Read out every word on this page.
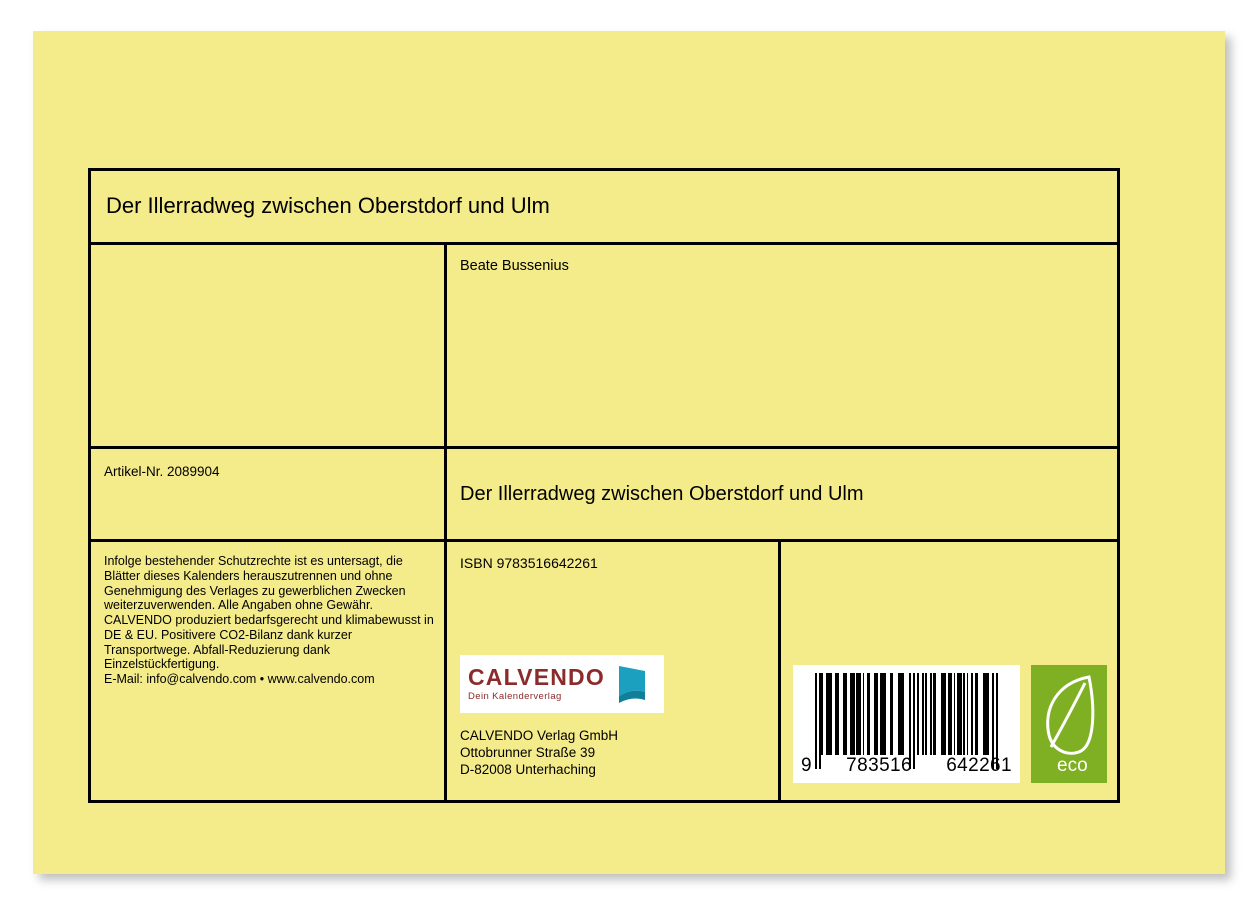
Der Illerradweg zwischen Oberstdorf und Ulm
Beate Bussenius
Artikel-Nr. 2089904
Der Illerradweg zwischen Oberstdorf und Ulm

Infolge bestehender Schutzrechte ist es untersagt, die Blätter dieses Kalenders herauszutrennen und ohne Genehmigung des Verlages zu gewerblichen Zwecken weiterzuverwenden. Alle Angaben ohne Gewähr.

CALVENDO produziert bedarfsgerecht und klimabewusst in DE & EU. Positivere CO2-Bilanz dank kurzer Transportwege. Abfall-Reduzierung dank Einzelstückfertigung.

E-Mail: info@calvendo.com • www.calvendo.com

ISBN 9783516642261
CALVENDO
Dein Kalenderverlag
CALVENDO Verlag GmbH
Ottobrunner Straße 39
D-82008 Unterhaching	9 783516 642261 eco
